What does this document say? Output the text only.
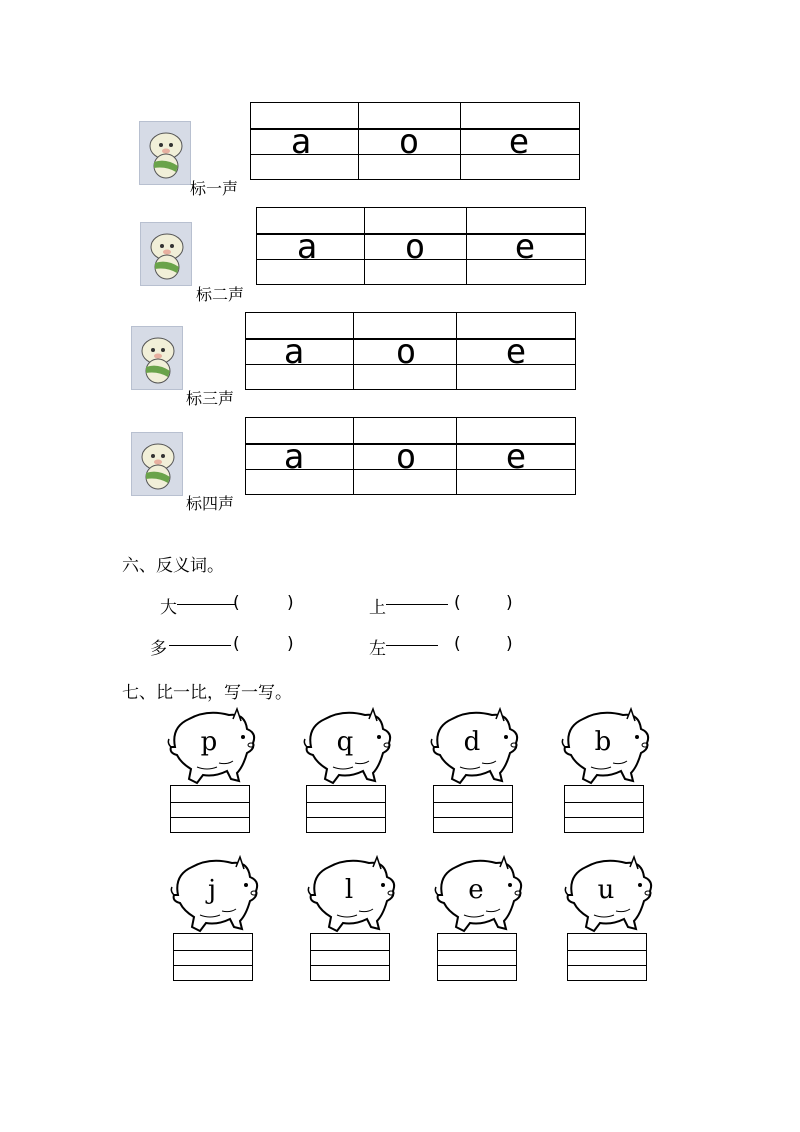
标一声
a	o	e
标二声
a	o	e
标三声
a	o	e
标四声
a	o	e
六、反义词。
大	(	)	上	(	)
多	(	)	左	(	)
七、比一比，写一写。
p	q	d	b
j	l	e	u
